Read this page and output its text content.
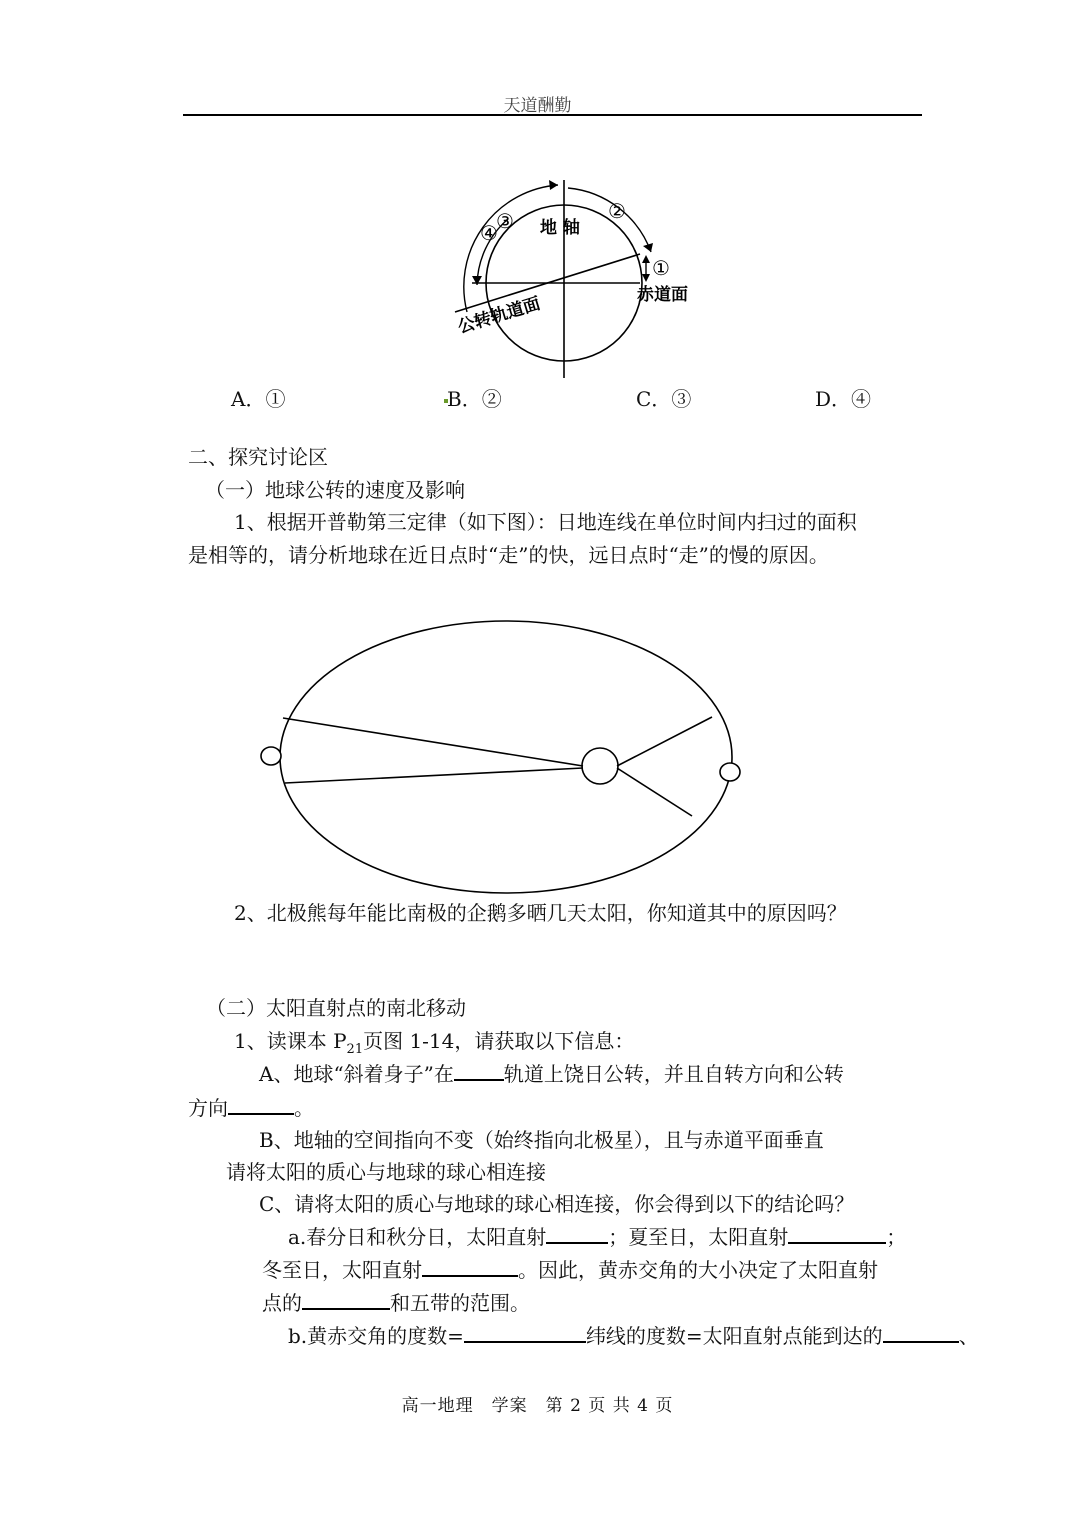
天道酬勤
④
③	②
①
地 轴
赤道面
公转轨道面
A．①	B．②	C．③	D．④
二、探究讨论区
（一）地球公转的速度及影响
1、根据开普勒第三定律（如下图）：日地连线在单位时间内扫过的面积
是相等的，请分析地球在近日点时“走”的快，远日点时“走”的慢的原因。
2、北极熊每年能比南极的企鹅多晒几天太阳，你知道其中的原因吗？
（二）太阳直射点的南北移动
1、读课本 $P_{21}$页图 1-14，请获取以下信息：
A、地球“斜着身子”在	轨道上饶日公转，并且自转方向和公转
方向	。
B、地轴的空间指向不变（始终指向北极星），且与赤道平面垂直
请将太阳的质心与地球的球心相连接
C、请将太阳的质心与地球的球心相连接，你会得到以下的结论吗？
a.春分日和秋分日，太阳直射	；夏至日，太阳直射	；
冬至日，太阳直射	。因此，黄赤交角的大小决定了太阳直射
点的	和五带的范围。
b.黄赤交角的度数=	纬线的度数=太阳直射点能到达的	、
高一地理　学案　第 2 页 共 4 页
